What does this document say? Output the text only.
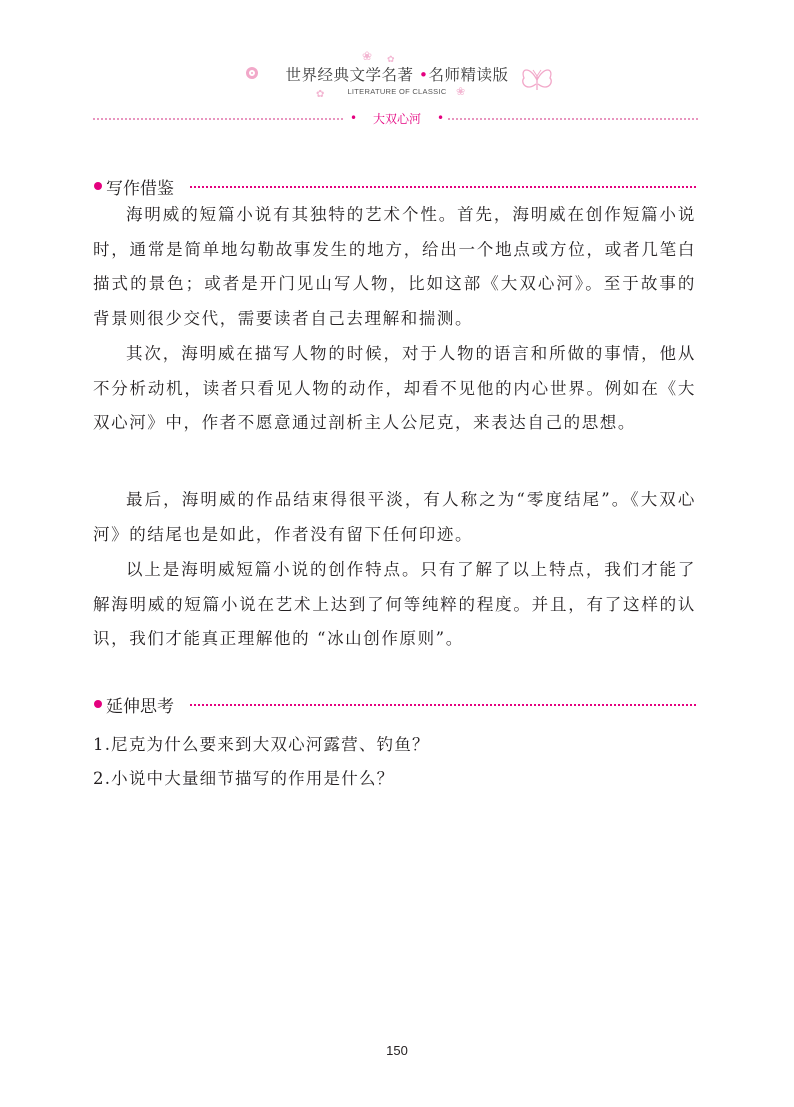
❀ ✿
❀
✿
世界经典文学名著 •名师精读版
LITERATURE OF CLASSIC
•	•
大双心河
写作借鉴

海明威的短篇小说有其独特的艺术个性。首先，海明威在创作短篇小说时，通常是简单地勾勒故事发生的地方，给出一个地点或方位，或者几笔白描式的景色；或者是开门见山写人物，比如这部《大双心河》。至于故事的背景则很少交代，需要读者自己去理解和揣测。

其次，海明威在描写人物的时候，对于人物的语言和所做的事情，他从不分析动机，读者只看见人物的动作，却看不见他的内心世界。例如在《大双心河》中，作者不愿意通过剖析主人公尼克，来表达自己的思想。

最后，海明威的作品结束得很平淡，有人称之为“零度结尾”。《大双心河》的结尾也是如此，作者没有留下任何印迹。

以上是海明威短篇小说的创作特点。只有了解了以上特点，我们才能了解海明威的短篇小说在艺术上达到了何等纯粹的程度。并且，有了这样的认识，我们才能真正理解他的 “冰山创作原则”。

延伸思考

1.尼克为什么要来到大双心河露营、钓鱼？

2.小说中大量细节描写的作用是什么？

150
